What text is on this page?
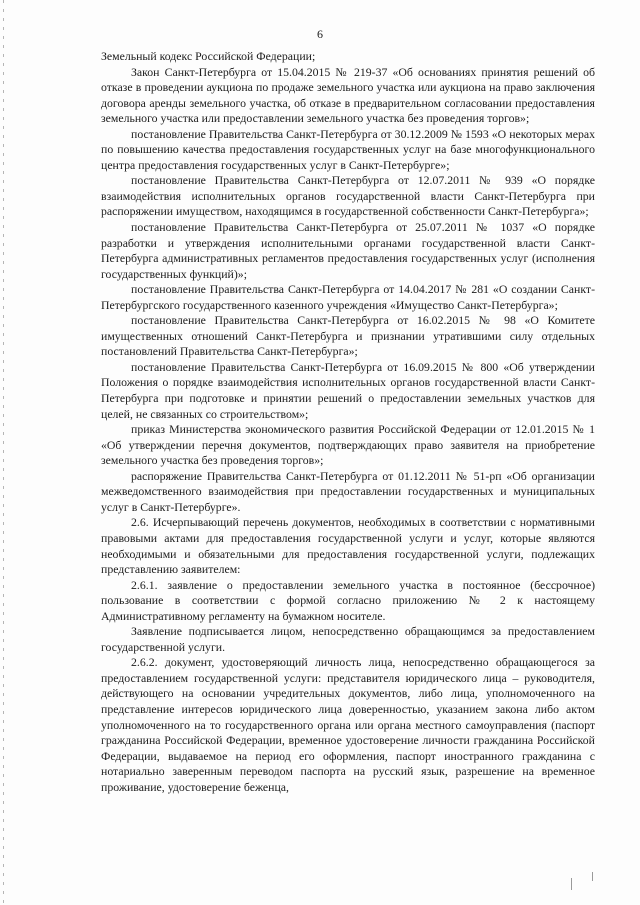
6

Земельный кодекс Российской Федерации;

Закон Санкт-Петербурга от 15.04.2015 № 219-37 «Об основаниях принятия решений об отказе в проведении аукциона по продаже земельного участка или аукциона на право заключения договора аренды земельного участка, об отказе в предварительном согласовании предоставления земельного участка или предоставлении земельного участка без проведения торгов»;

постановление Правительства Санкт-Петербурга от 30.12.2009 № 1593 «О некоторых мерах по повышению качества предоставления государственных услуг на базе многофункционального центра предоставления государственных услуг в Санкт-Петербурге»;

постановление Правительства Санкт-Петербурга от 12.07.2011 № 939 «О порядке взаимодействия исполнительных органов государственной власти Санкт-Петербурга при распоряжении имуществом, находящимся в государственной собственности Санкт-Петербурга»;

постановление Правительства Санкт-Петербурга от 25.07.2011 № 1037 «О порядке разработки и утверждения исполнительными органами государственной власти Санкт-Петербурга административных регламентов предоставления государственных услуг (исполнения государственных функций)»;

постановление Правительства Санкт-Петербурга от 14.04.2017 № 281 «О создании Санкт-Петербургского государственного казенного учреждения «Имущество Санкт-Петербурга»;

постановление Правительства Санкт-Петербурга от 16.02.2015 № 98 «О Комитете имущественных отношений Санкт-Петербурга и признании утратившими силу отдельных постановлений Правительства Санкт-Петербурга»;

постановление Правительства Санкт-Петербурга от 16.09.2015 № 800 «Об утверждении Положения о порядке взаимодействия исполнительных органов государственной власти Санкт-Петербурга при подготовке и принятии решений о предоставлении земельных участков для целей, не связанных со строительством»;

приказ Министерства экономического развития Российской Федерации от 12.01.2015 № 1 «Об утверждении перечня документов, подтверждающих право заявителя на приобретение земельного участка без проведения торгов»;

распоряжение Правительства Санкт-Петербурга от 01.12.2011 № 51-рп «Об организации межведомственного взаимодействия при предоставлении государственных и муниципальных услуг в Санкт-Петербурге».

2.6. Исчерпывающий перечень документов, необходимых в соответствии с нормативными правовыми актами для предоставления государственной услуги и услуг, которые являются необходимыми и обязательными для предоставления государственной услуги, подлежащих представлению заявителем:

2.6.1. заявление о предоставлении земельного участка в постоянное (бессрочное) пользование в соответствии с формой согласно приложению № 2 к настоящему Административному регламенту на бумажном носителе.

Заявление подписывается лицом, непосредственно обращающимся за предоставлением государственной услуги.

2.6.2. документ, удостоверяющий личность лица, непосредственно обращающегося за предоставлением государственной услуги: представителя юридического лица – руководителя, действующего на основании учредительных документов, либо лица, уполномоченного на представление интересов юридического лица доверенностью, указанием закона либо актом уполномоченного на то государственного органа или органа местного самоуправления (паспорт гражданина Российской Федерации, временное удостоверение личности гражданина Российской Федерации, выдаваемое на период его оформления, паспорт иностранного гражданина с нотариально заверенным переводом паспорта на русский язык, разрешение на временное проживание, удостоверение беженца,
